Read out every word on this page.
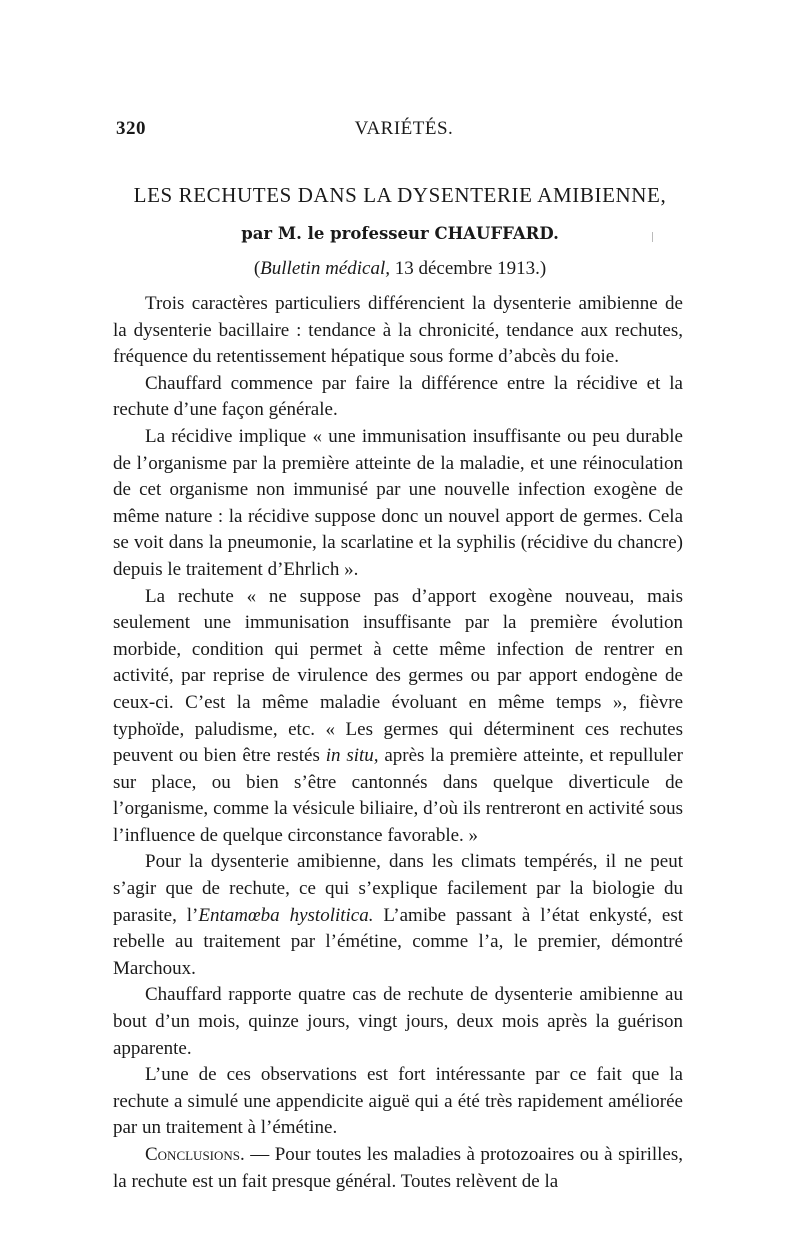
320	VARIÉTÉS.
LES RECHUTES DANS LA DYSENTERIE AMIBIENNE,
par M. le professeur CHAUFFARD.
(Bulletin médical, 13 décembre 1913.)

Trois caractères particuliers différencient la dysenterie amibienne de la dysenterie bacillaire : tendance à la chronicité, tendance aux rechutes, fréquence du retentissement hépatique sous forme d’abcès du foie.

Chauffard commence par faire la différence entre la récidive et la rechute d’une façon générale.

La récidive implique « une immunisation insuffisante ou peu durable de l’organisme par la première atteinte de la maladie, et une réinoculation de cet organisme non immunisé par une nouvelle infection exogène de même nature : la récidive suppose donc un nouvel apport de germes. Cela se voit dans la pneumonie, la scarlatine et la syphilis (récidive du chancre) depuis le traitement d’Ehrlich ».

La rechute « ne suppose pas d’apport exogène nouveau, mais seulement une immunisation insuffisante par la première évolution morbide, condition qui permet à cette même infection de rentrer en activité, par reprise de virulence des germes ou par apport endogène de ceux-ci. C’est la même maladie évoluant en même temps », fièvre typhoïde, paludisme, etc. « Les germes qui déterminent ces rechutes peuvent ou bien être restés in situ, après la première atteinte, et repulluler sur place, ou bien s’être cantonnés dans quelque diverticule de l’organisme, comme la vésicule biliaire, d’où ils rentreront en activité sous l’influence de quelque circonstance favorable. »

Pour la dysenterie amibienne, dans les climats tempérés, il ne peut s’agir que de rechute, ce qui s’explique facilement par la biologie du parasite, l’Entamœba hystolitica. L’amibe passant à l’état enkysté, est rebelle au traitement par l’émétine, comme l’a, le premier, démontré Marchoux.

Chauffard rapporte quatre cas de rechute de dysenterie amibienne au bout d’un mois, quinze jours, vingt jours, deux mois après la guérison apparente.

L’une de ces observations est fort intéressante par ce fait que la rechute a simulé une appendicite aiguë qui a été très rapidement améliorée par un traitement à l’émétine.

Conclusions. — Pour toutes les maladies à protozoaires ou à spirilles, la rechute est un fait presque général. Toutes relèvent de la
